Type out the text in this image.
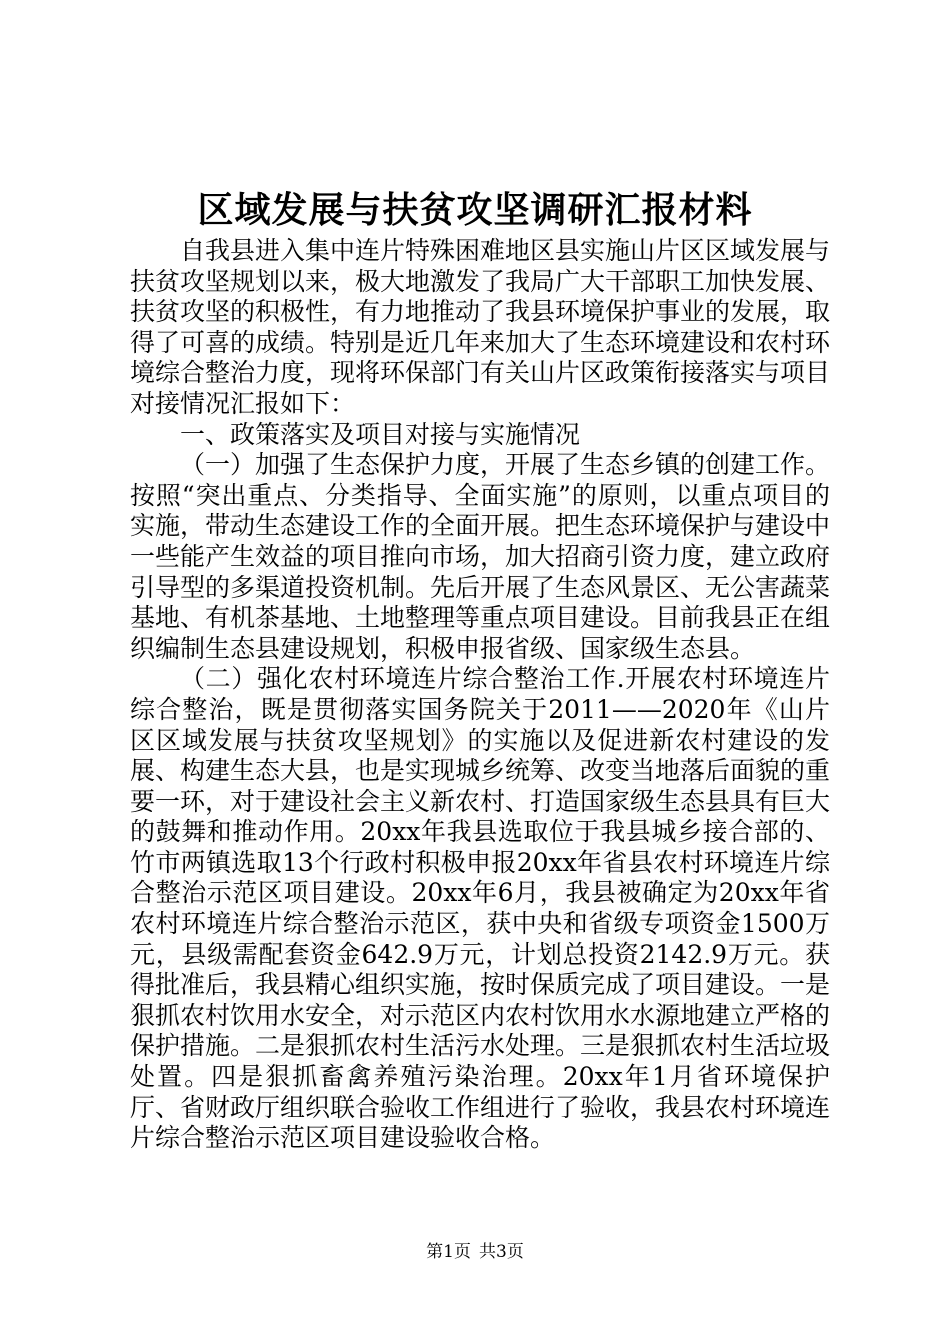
区域发展与扶贫攻坚调研汇报材料

自我县进入集中连片特殊困难地区县实施山片区区域发展与扶贫攻坚规划以来，极大地激发了我局广大干部职工加快发展、扶贫攻坚的积极性，有力地推动了我县环境保护事业的发展，取得了可喜的成绩。特别是近几年来加大了生态环境建设和农村环境综合整治力度，现将环保部门有关山片区政策衔接落实与项目对接情况汇报如下：

一、政策落实及项目对接与实施情况

（一）加强了生态保护力度，开展了生态乡镇的创建工作。按照“突出重点、分类指导、全面实施”的原则，以重点项目的实施，带动生态建设工作的全面开展。把生态环境保护与建设中一些能产生效益的项目推向市场，加大招商引资力度，建立政府引导型的多渠道投资机制。先后开展了生态风景区、无公害蔬菜基地、有机茶基地、土地整理等重点项目建设。目前我县正在组织编制生态县建设规划，积极申报省级、国家级生态县。

（二）强化农村环境连片综合整治工作.开展农村环境连片综合整治，既是贯彻落实国务院关于2011——2020年《山片区区域发展与扶贫攻坚规划》的实施以及促进新农村建设的发展、构建生态大县，也是实现城乡统筹、改变当地落后面貌的重要一环，对于建设社会主义新农村、打造国家级生态县具有巨大的鼓舞和推动作用。20xx年我县选取位于我县城乡接合部的、竹市两镇选取13个行政村积极申报20xx年省县农村环境连片综合整治示范区项目建设。20xx年6月，我县被确定为20xx年省农村环境连片综合整治示范区，获中央和省级专项资金1500万元，县级需配套资金642.9万元，计划总投资2142.9万元。获得批准后，我县精心组织实施，按时保质完成了项目建设。一是狠抓农村饮用水安全，对示范区内农村饮用水水源地建立严格的保护措施。二是狠抓农村生活污水处理。三是狠抓农村生活垃圾处置。四是狠抓畜禽养殖污染治理。20xx年1月省环境保护厅、省财政厅组织联合验收工作组进行了验收，我县农村环境连片综合整治示范区项目建设验收合格。

第1页 共3页
